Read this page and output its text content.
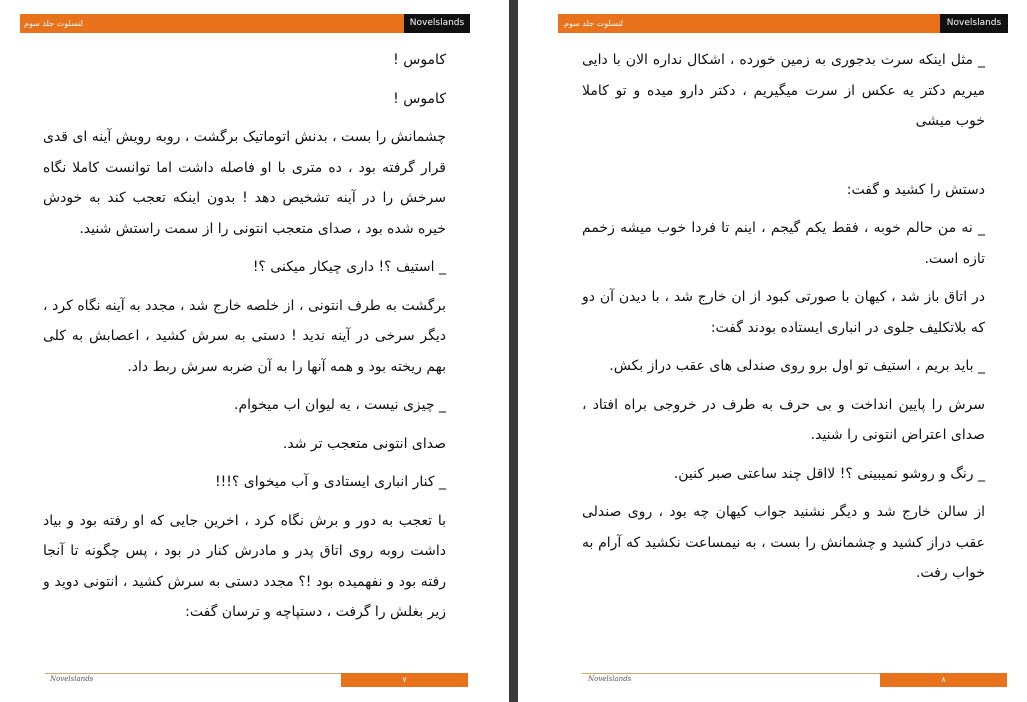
لنسلوت جلد سوم	Novelslands

کاموس !

کاموس !

چشمانش را بست ، بدنش اتوماتیک برگشت ، روبه رویش آینه ای قدی قرار گرفته بود ، ده متری با او فاصله داشت اما توانست کاملا نگاه سرخش را در آینه تشخیص دهد ! بدون اینکه تعجب کند به خودش خیره شده بود ، صدای متعجب انتونی را از سمت راستش شنید.

_ استیف ؟! داری چیکار میکنی ؟!

برگشت به طرف انتونی ، از خلصه خارج شد ، مجدد به آینه نگاه کرد ، دیگر سرخی در آینه ندید ! دستی به سرش کشید ، اعصابش به کلی بهم ریخته بود و همه آنها را به آن ضربه سرش ربط داد.

_ چیزی نیست ، یه لیوان اب میخوام.

صدای انتونی متعجب تر شد.

_ کنار انباری ایستادی و آب میخوای ؟!!!

با تعجب به دور و برش نگاه کرد ، اخرین جایی که او رفته بود و بیاد داشت روبه روی اتاق پدر و مادرش کنار در بود ، پس چگونه تا آنجا رفته بود و نفهمیده بود !؟ مجدد دستی به سرش کشید ، انتونی دوید و زیر بغلش را گرفت ، دستپاچه و ترسان گفت:

Novelslands	۷
لنسلوت جلد سوم	Novelslands

_ مثل اینکه سرت بدجوری به زمین خورده ، اشکال نداره الان با دایی میریم دکتر یه عکس از سرت میگیریم ، دکتر دارو میده و تو کاملا خوب میشی

دستش را کشید و گفت:

_ نه من حالم خوبه ، فقط یکم گیجم ، اینم تا فردا خوب میشه زخمم تازه است.

در اتاق باز شد ، کیهان با صورتی کبود از ان خارج شد ، با دیدن آن دو که بلاتکلیف جلوی در انباری ایستاده بودند گفت:

_ باید بریم ، استیف تو اول برو روی صندلی های عقب دراز بکش.

سرش را پایین انداخت و بی حرف به طرف در خروجی براه افتاد ، صدای اعتراض انتونی را شنید.

_ رنگ و روشو نمیبینی ؟! لااقل چند ساعتی صبر کنین.

از سالن خارج شد و دیگر نشنید جواب کیهان چه بود ، روی صندلی عقب دراز کشید و چشمانش را بست ، به نیمساعت نکشید که آرام به خواب رفت.

Novelslands	۸
